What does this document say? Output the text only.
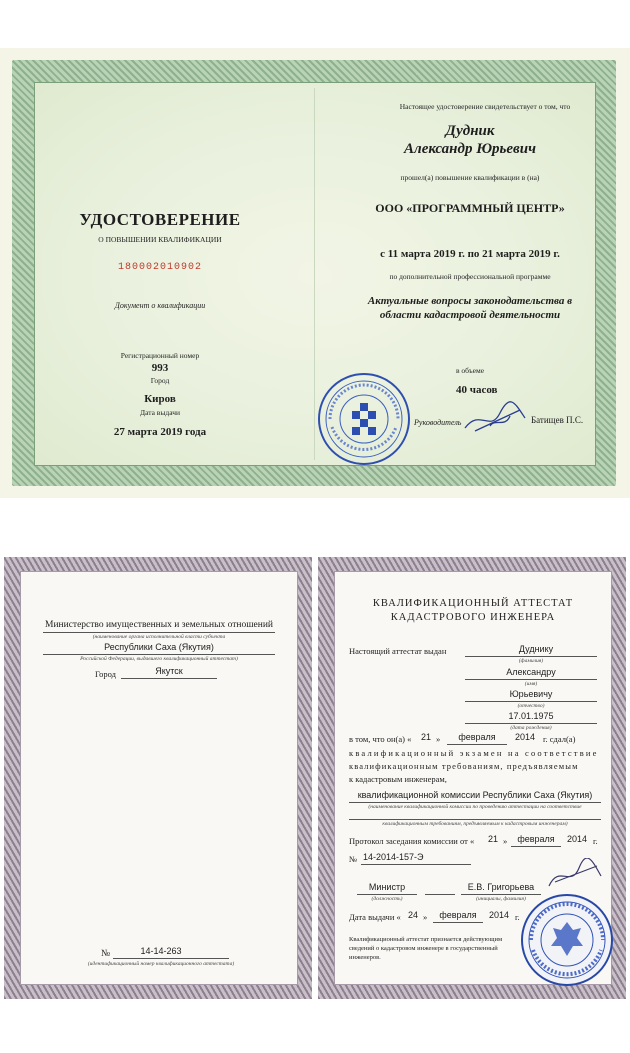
УДОСТОВЕРЕНИЕ
О ПОВЫШЕНИИ КВАЛИФИКАЦИИ
180002010902
Документ о квалификации
Регистрационный номер
993
Город
Киров
Дата выдачи
27 марта 2019 года
Настоящее удостоверение свидетельствует о том, что
Дудник
Александр Юрьевич
прошел(а) повышение квалификации в (на)
ООО «ПРОГРАММНЫЙ ЦЕНТР»
с 11 марта 2019 г. по 21 марта 2019 г.
по дополнительной профессиональной программе
Актуальные вопросы законодательства в
области кадастровой деятельности
в объеме
40 часов
Руководитель	Батищев П.С.
Министерство имущественных и земельных отношений
(наименование органа исполнительной власти субъекта
Республики Саха (Якутия)
Российской Федерации, выдавшего квалификационный аттестат)
Город	Якутск
№	14-14-263
(идентификационный номер квалификационного аттестата)
КВАЛИФИКАЦИОННЫЙ АТТЕСТАТ
КАДАСТРОВОГО ИНЖЕНЕРА
Настоящий аттестат выдан	Дуднику
(фамилия)
Александру
(имя)
Юрьевичу
(отчество)
17.01.1975
(дата рождения)
в том, что он(а) «	21 »	февраля	2014 г. сдал(а)
квалификационный экзамен на соответствие
квалификационным требованиям, предъявляемым
к кадастровым инженерам,
квалификационной комиссии Республики Саха (Якутия)
(наименование квалификационной комиссии по проведению аттестации на соответствие
квалификационным требованиям, предъявляемым к кадастровым инженерам)
Протокол заседания комиссии от «	21 »	февраля	2014 г.
№ 14-2014-157-Э
Министр
(должность)
Е.В. Григорьева
(инициалы, фамилия)
Дата выдачи « 24 »	февраля	2014 г.
Квалификационный аттестат признается действующим
сведений о кадастровом инженере в государственный
инженеров.
